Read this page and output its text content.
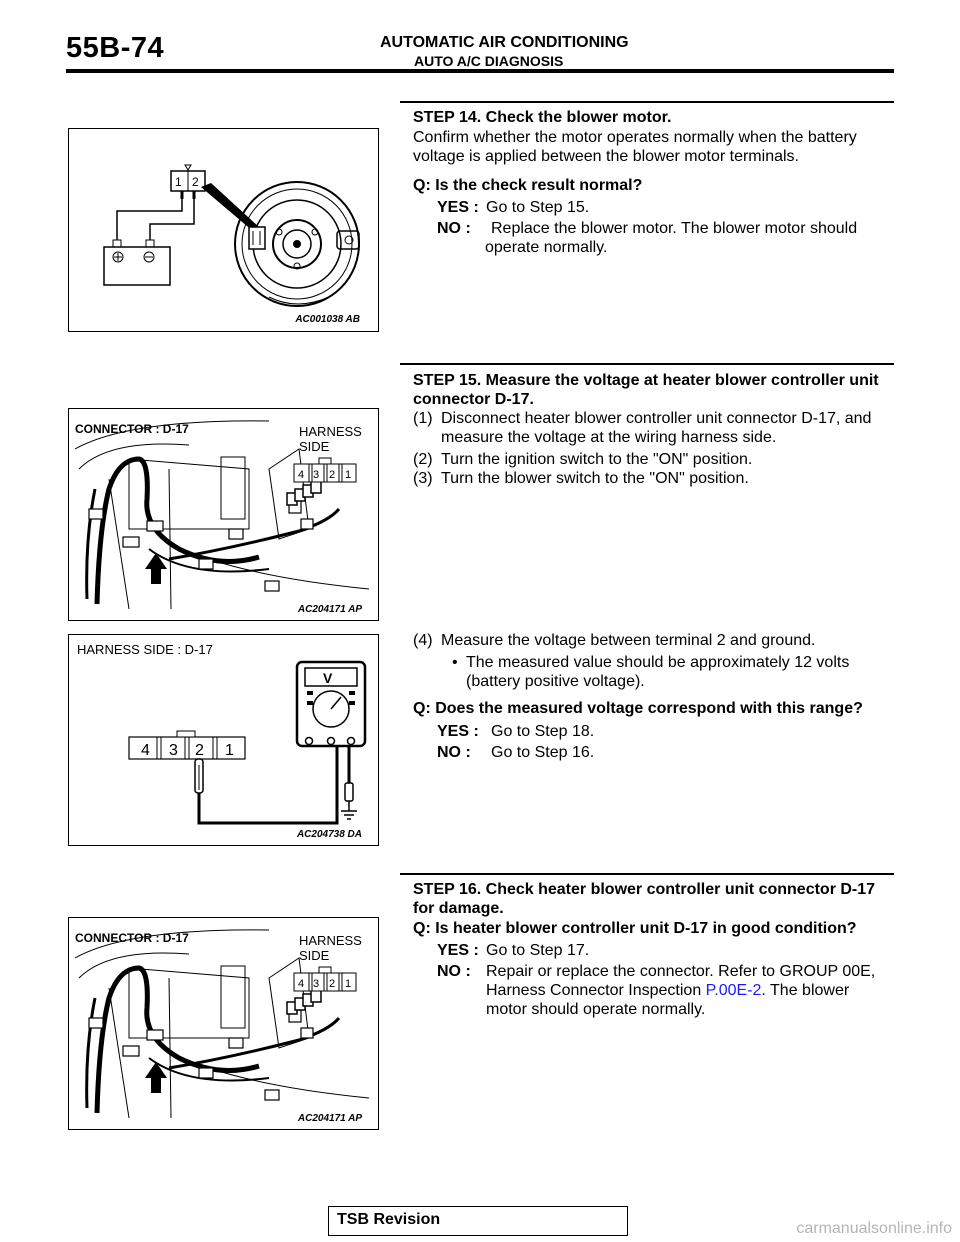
55B-74	AUTOMATIC AIR CONDITIONING
AUTO A/C DIAGNOSIS
1 2
AC001038 AB
STEP 14. Check the blower motor.
Confirm whether the motor operates normally when the battery voltage is applied between the blower motor terminals.
Q: Is the check result normal?
YES : Go to Step 15.
NO :	Replace the blower motor. The blower motor should operate normally.
STEP 15. Measure the voltage at heater blower controller unit connector D-17.
4 3 2 1
CONNECTOR : D-17	HARNESS
SIDE
AC204171 AP
(1) Disconnect heater blower controller unit connector D-17, and measure the voltage at the wiring harness side.
(2) Turn the ignition switch to the "ON" position.
(3) Turn the blower switch to the "ON" position.
4 3 2 1
V
HARNESS SIDE : D-17
AC204738 DA
(4) Measure the voltage between terminal 2 and ground.
• The measured value should be approximately 12 volts (battery positive voltage).
Q: Does the measured voltage correspond with this range?
YES : Go to Step 18.
NO : Go to Step 16.
STEP 16. Check heater blower controller unit connector D-17 for damage.
4 3 2 1
CONNECTOR : D-17	HARNESS
SIDE
AC204171 AP
Q: Is heater blower controller unit D-17 in good condition?
YES : Go to Step 17.
NO : Repair or replace the connector. Refer to GROUP 00E, Harness Connector Inspection P.00E-2. The blower motor should operate normally.
TSB Revision
carmanualsonline.info
